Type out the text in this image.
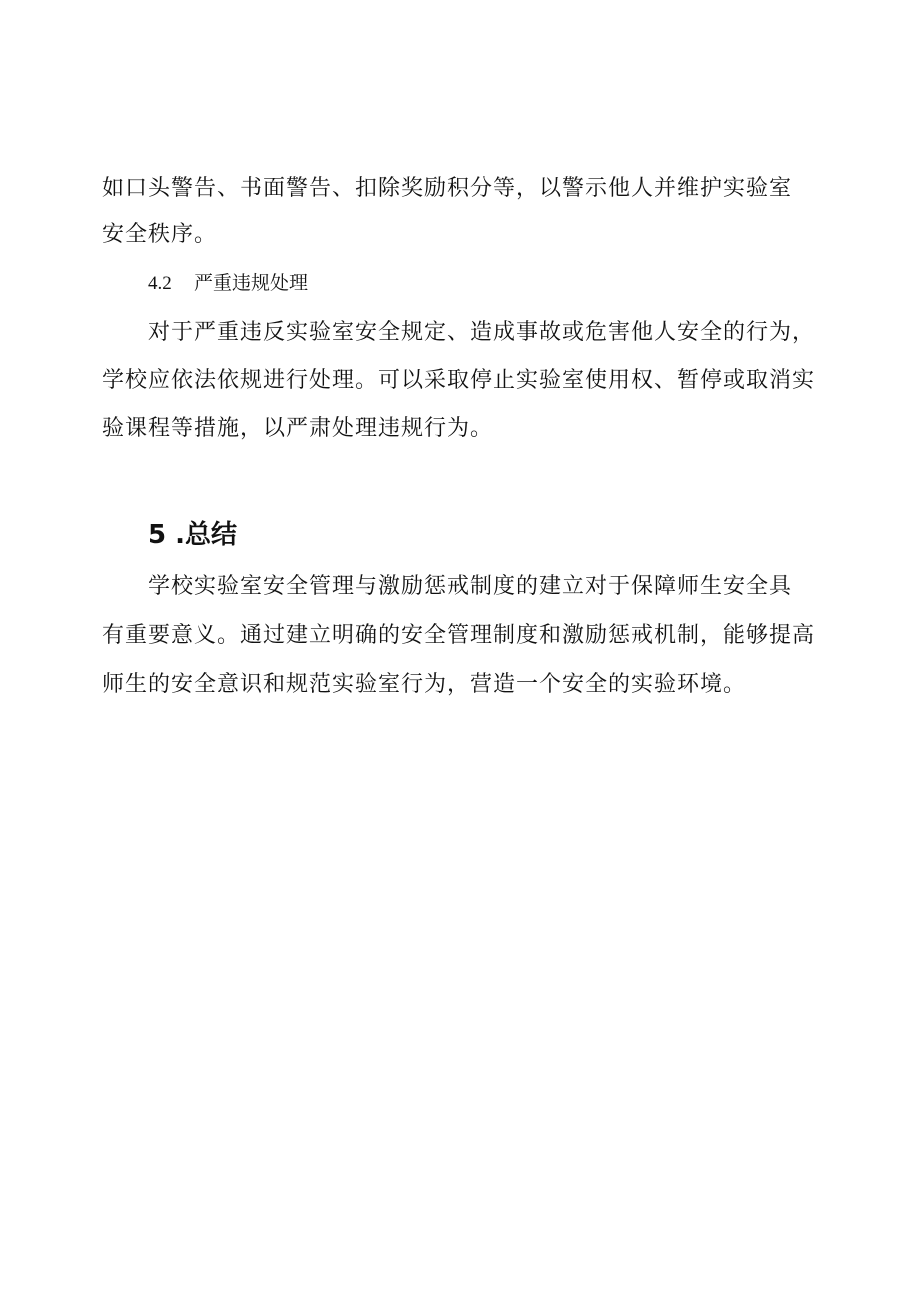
如口头警告、书面警告、扣除奖励积分等，以警示他人并维护实验室
安全秩序。
4.2 严重违规处理
对于严重违反实验室安全规定、造成事故或危害他人安全的行为，
学校应依法依规进行处理。可以采取停止实验室使用权、暂停或取消实
验课程等措施，以严肃处理违规行为。
5 .总结
学校实验室安全管理与激励惩戒制度的建立对于保障师生安全具
有重要意义。通过建立明确的安全管理制度和激励惩戒机制，能够提高
师生的安全意识和规范实验室行为，营造一个安全的实验环境。
